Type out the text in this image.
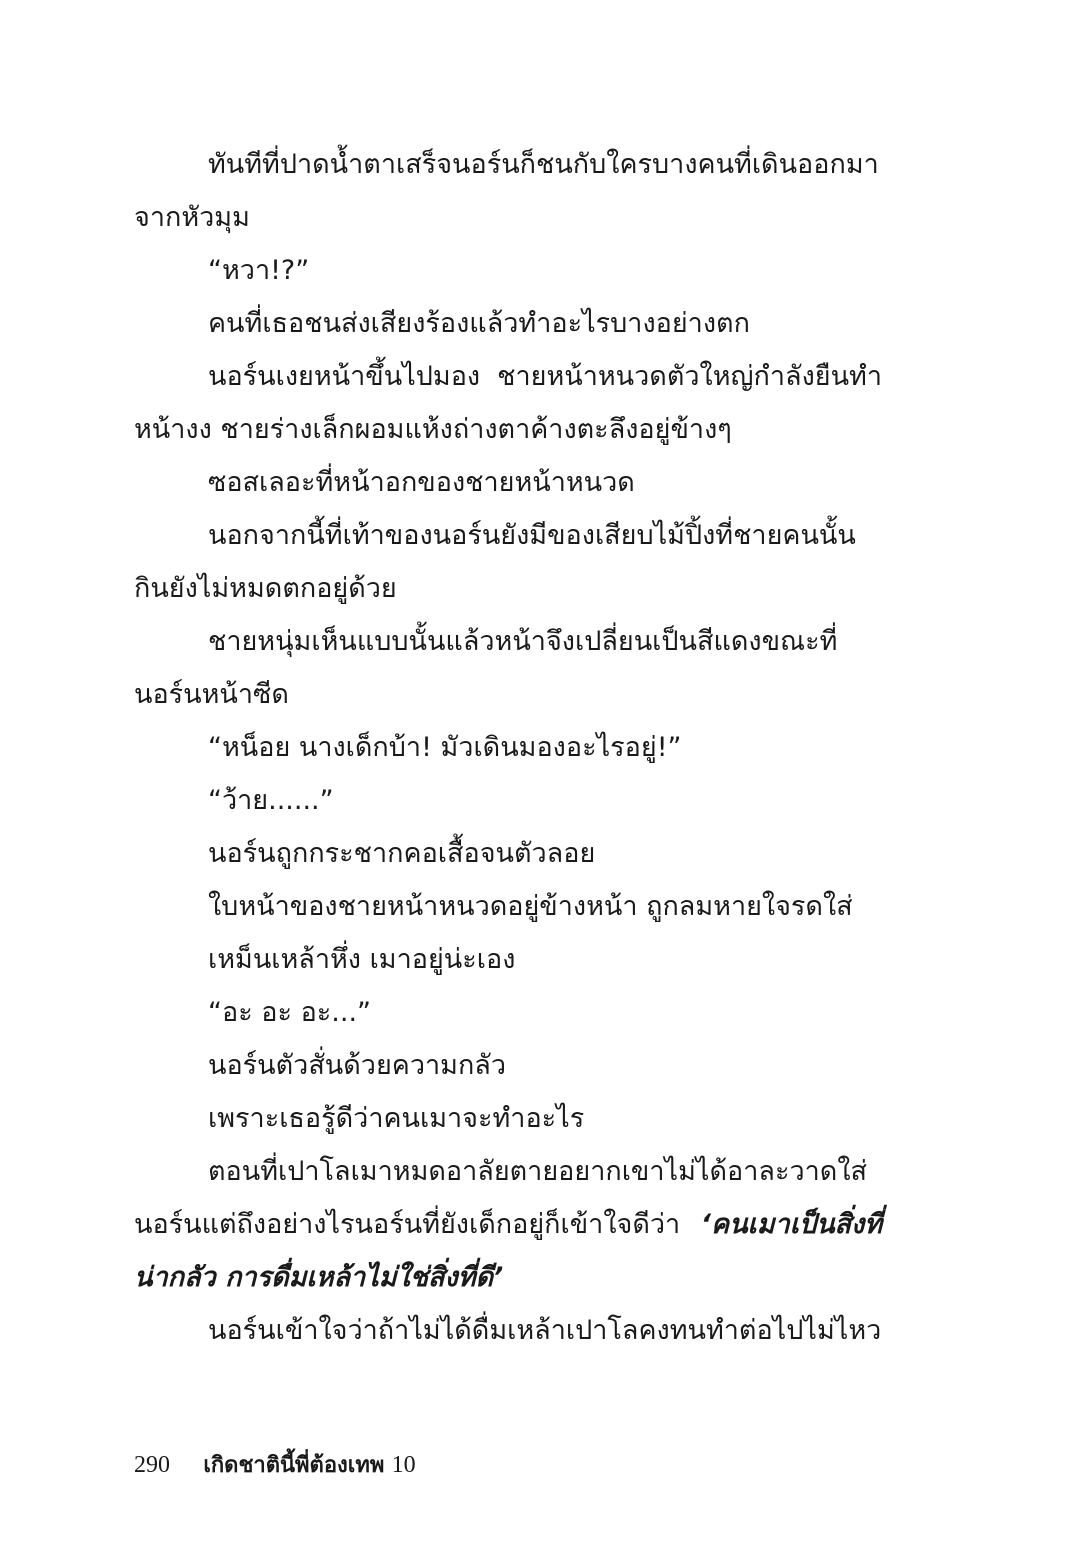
ทันทีที่ปาดน้ำตาเสร็จนอร์นก็ชนกับใครบางคนที่เดินออกมาจากหัวมุม

“หวา!?”

คนที่เธอชนส่งเสียงร้องแล้วทำอะไรบางอย่างตก

นอร์นเงยหน้าขึ้นไปมอง ชายหน้าหนวดตัวใหญ่กำลังยืนทำหน้างง ชายร่างเล็กผอมแห้งถ่างตาค้างตะลึงอยู่ข้างๆ

ซอสเลอะที่หน้าอกของชายหน้าหนวด

นอกจากนี้ที่เท้าของนอร์นยังมีของเสียบไม้ปิ้งที่ชายคนนั้นกินยังไม่หมดตกอยู่ด้วย

ชายหนุ่มเห็นแบบนั้นแล้วหน้าจึงเปลี่ยนเป็นสีแดงขณะที่นอร์นหน้าซีด

“หน็อย นางเด็กบ้า! มัวเดินมองอะไรอยู่!”

“ว้าย......”

นอร์นถูกกระชากคอเสื้อจนตัวลอย

ใบหน้าของชายหน้าหนวดอยู่ข้างหน้า ถูกลมหายใจรดใส่

เหม็นเหล้าหึ่ง เมาอยู่น่ะเอง

“อะ อะ อะ...”

นอร์นตัวสั่นด้วยความกลัว

เพราะเธอรู้ดีว่าคนเมาจะทำอะไร

ตอนที่เปาโลเมาหมดอาลัยตายอยากเขาไม่ได้อาละวาดใส่นอร์นแต่ถึงอย่างไรนอร์นที่ยังเด็กอยู่ก็เข้าใจดีว่า ‘คนเมาเป็นสิ่งที่น่ากลัว การดื่มเหล้าไม่ใช่สิ่งที่ดี’

นอร์นเข้าใจว่าถ้าไม่ได้ดื่มเหล้าเปาโลคงทนทำต่อไปไม่ไหว

290 เกิดชาตินี้พี่ต้องเทพ 10
